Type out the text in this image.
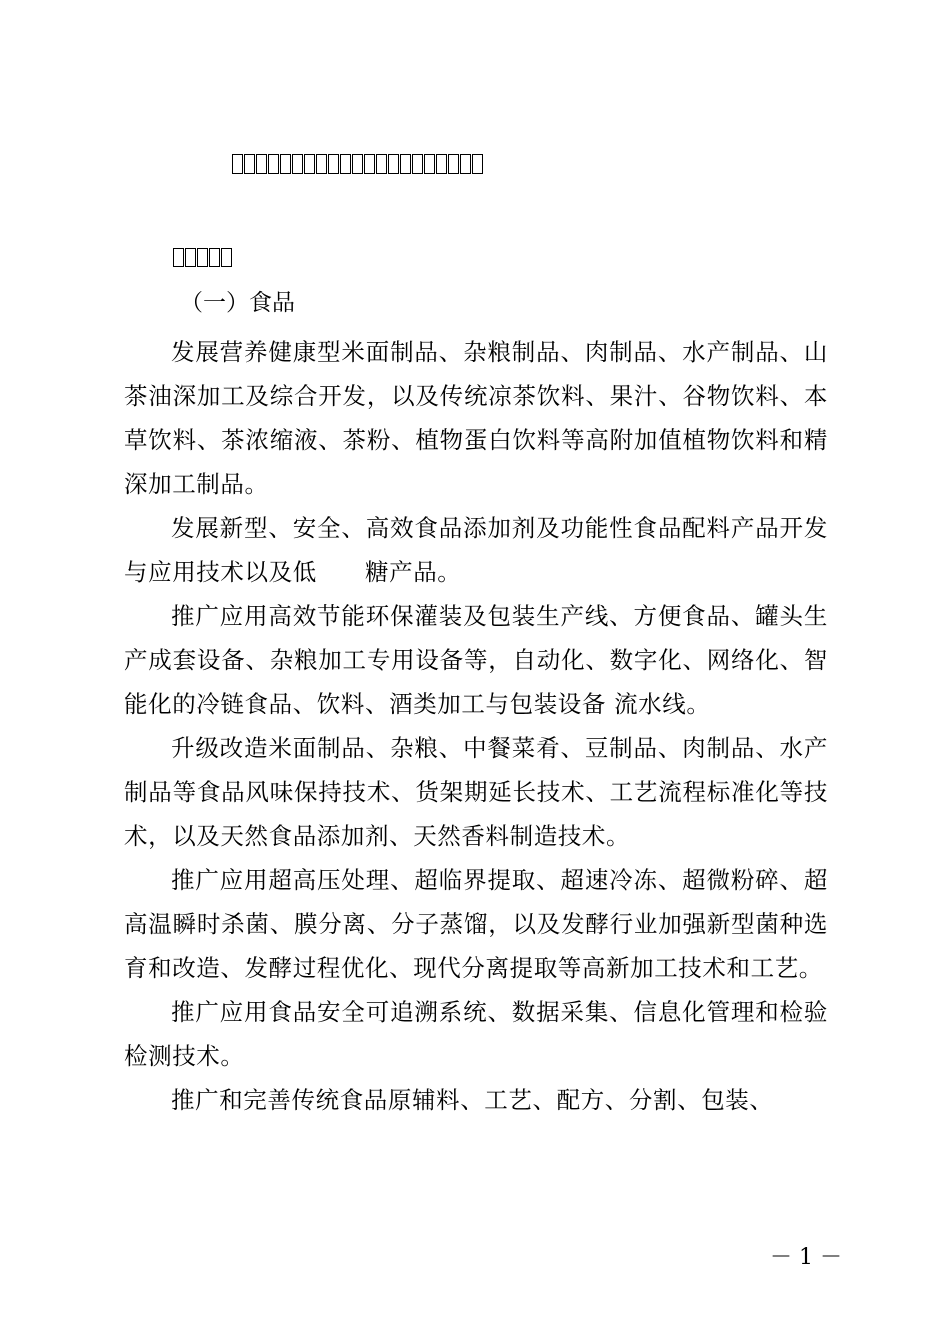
（一）食品

发展营养健康型米面制品、杂粮制品、肉制品、水产制品、山茶油深加工及综合开发，以及传统凉茶饮料、果汁、谷物饮料、本草饮料、茶浓缩液、茶粉、植物蛋白饮料等高附加值植物饮料和精深加工制品。

发展新型、安全、高效食品添加剂及功能性食品配料产品开发与应用技术以及低　　糖产品。

推广应用高效节能环保灌装及包装生产线、方便食品、罐头生产成套设备、杂粮加工专用设备等，自动化、数字化、网络化、智能化的冷链食品、饮料、酒类加工与包装设备 流水线。

升级改造米面制品、杂粮、中餐菜肴、豆制品、肉制品、水产制品等食品风味保持技术、货架期延长技术、工艺流程标准化等技术，以及天然食品添加剂、天然香料制造技术。

推广应用超高压处理、超临界提取、超速冷冻、超微粉碎、超高温瞬时杀菌、膜分离、分子蒸馏，以及发酵行业加强新型菌种选育和改造、发酵过程优化、现代分离提取等高新加工技术和工艺。

推广应用食品安全可追溯系统、数据采集、信息化管理和检验检测技术。

推广和完善传统食品原辅料、工艺、配方、分割、包装、

－ 1 －
